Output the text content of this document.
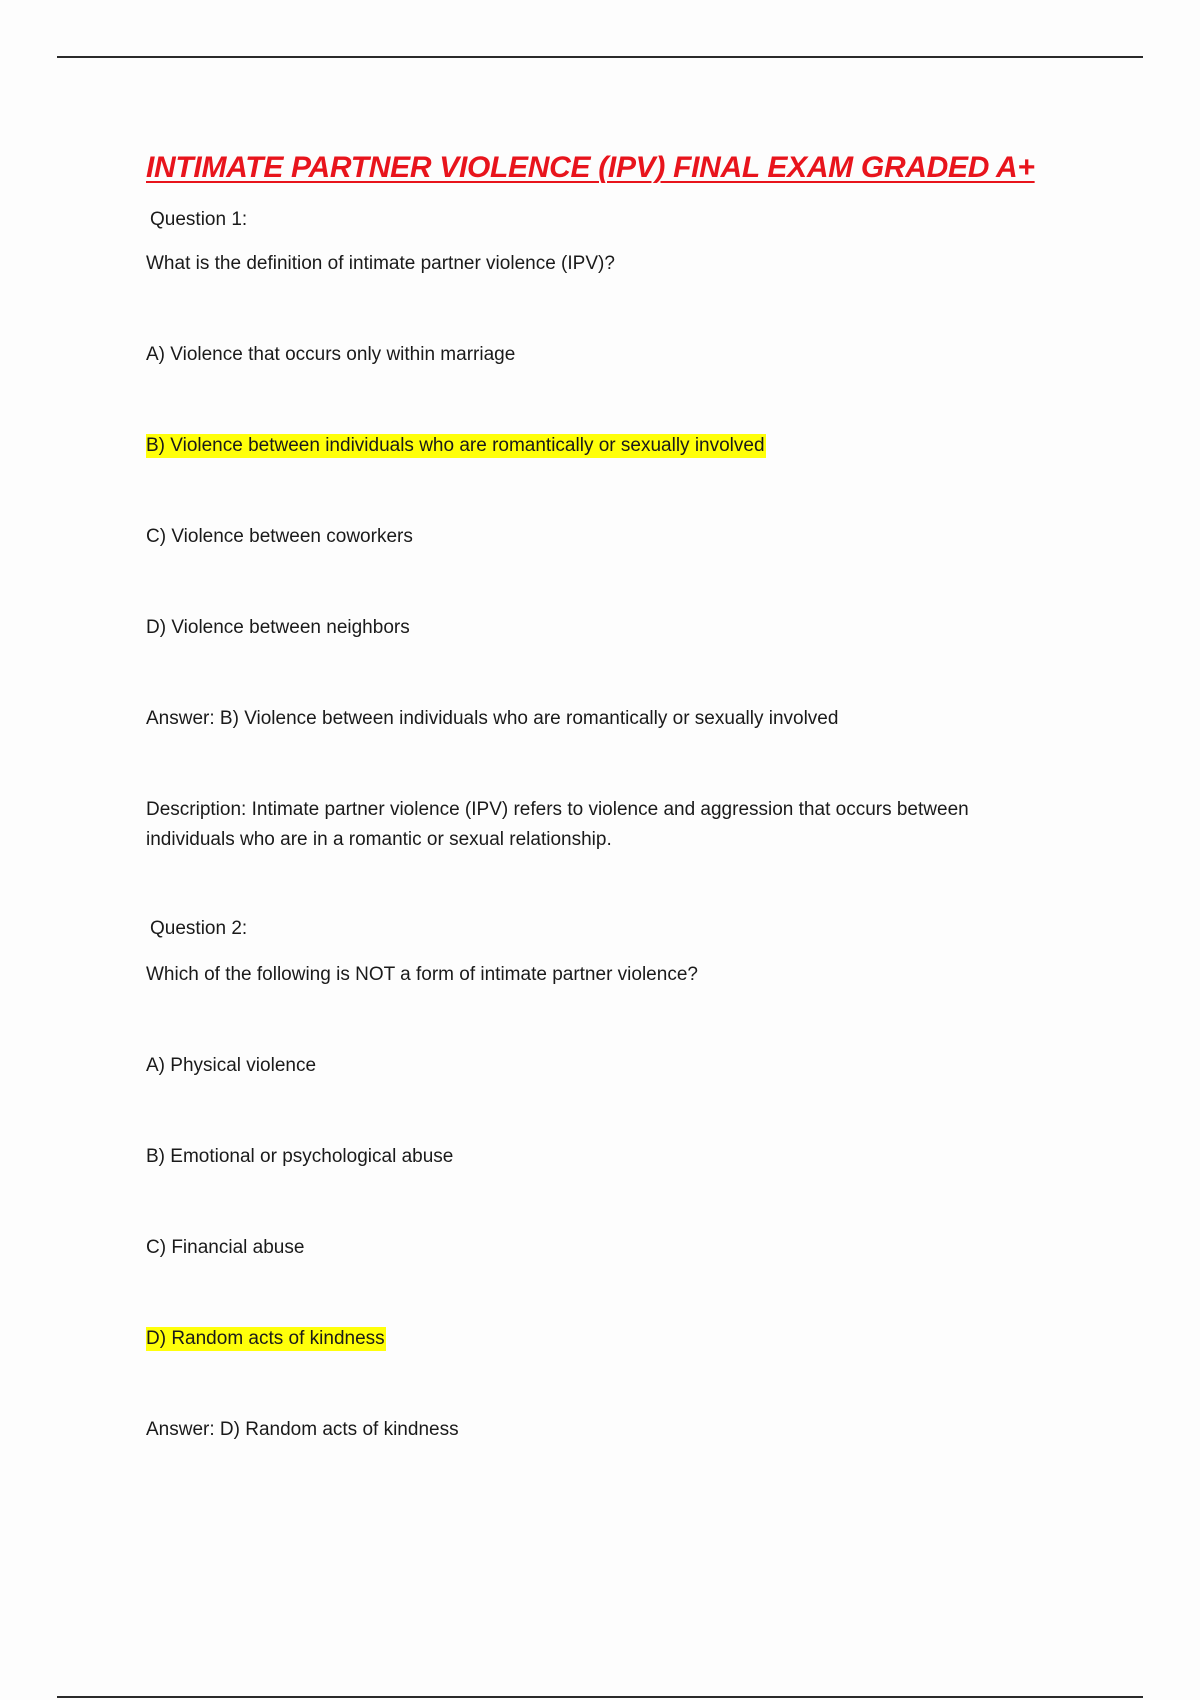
INTIMATE PARTNER VIOLENCE (IPV) FINAL EXAM GRADED A+
Question 1:
What is the definition of intimate partner violence (IPV)?
A) Violence that occurs only within marriage
B) Violence between individuals who are romantically or sexually involved
C) Violence between coworkers
D) Violence between neighbors
Answer: B) Violence between individuals who are romantically or sexually involved
Description: Intimate partner violence (IPV) refers to violence and aggression that occurs between individuals who are in a romantic or sexual relationship.
Question 2:
Which of the following is NOT a form of intimate partner violence?
A) Physical violence
B) Emotional or psychological abuse
C) Financial abuse
D) Random acts of kindness
Answer: D) Random acts of kindness
